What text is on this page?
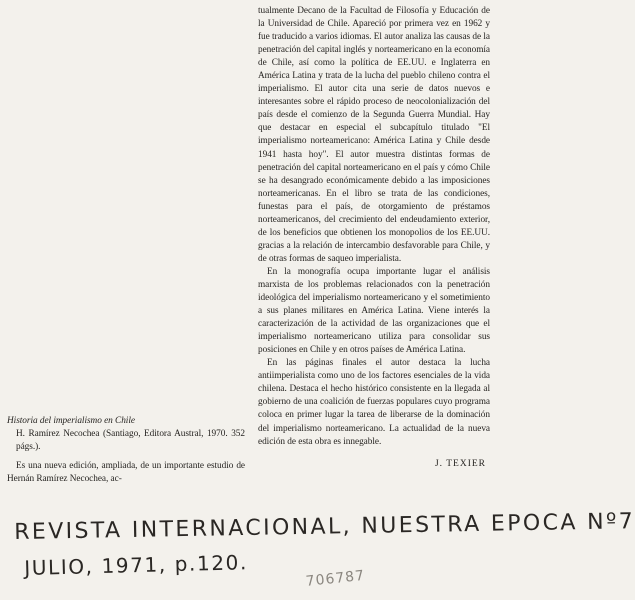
tualmente Decano de la Facultad de Filosofía y Educación de la Universidad de Chile. Apareció por primera vez en 1962 y fue traducido a varios idiomas. El autor analiza las causas de la penetración del capital inglés y norteamericano en la economía de Chile, así como la política de EE.UU. e Inglaterra en América Latina y trata de la lucha del pueblo chileno contra el imperialismo. El autor cita una serie de datos nuevos e interesantes sobre el rápido proceso de neocolonialización del país desde el comienzo de la Segunda Guerra Mundial. Hay que destacar en especial el subcapítulo titulado "El imperialismo norteamericano: América Latina y Chile desde 1941 hasta hoy". El autor muestra distintas formas de penetración del capital norteamericano en el país y cómo Chile se ha desangrado económicamente debido a las imposiciones norteamericanas. En el libro se trata de las condiciones, funestas para el país, de otorgamiento de préstamos norteamericanos, del crecimiento del endeudamiento exterior, de los beneficios que obtienen los monopolios de los EE.UU. gracias a la relación de intercambio desfavorable para Chile, y de otras formas de saqueo imperialista.

En la monografía ocupa importante lugar el análisis marxista de los problemas relacionados con la penetración ideológica del imperialismo norteamericano y el sometimiento a sus planes militares en América Latina. Viene interés la caracterización de la actividad de las organizaciones que el imperialismo norteamericano utiliza para consolidar sus posiciones en Chile y en otros países de América Latina.

En las páginas finales el autor destaca la lucha antiimperialista como uno de los factores esenciales de la vida chilena. Destaca el hecho histórico consistente en la llegada al gobierno de una coalición de fuerzas populares cuyo programa coloca en primer lugar la tarea de liberarse de la dominación del imperialismo norteamericano. La actualidad de la nueva edición de esta obra es innegable.

J. TEXIER

Historia del imperialismo en Chile

H. Ramírez Necochea (Santiago, Editora Austral, 1970. 352 págs.).

Es una nueva edición, ampliada, de un importante estudio de Hernán Ramírez Necochea, ac-

REVISTA INTERNACIONAL, NUESTRA EPOCA Nº7
JULIO, 1971, p.120.	706787
